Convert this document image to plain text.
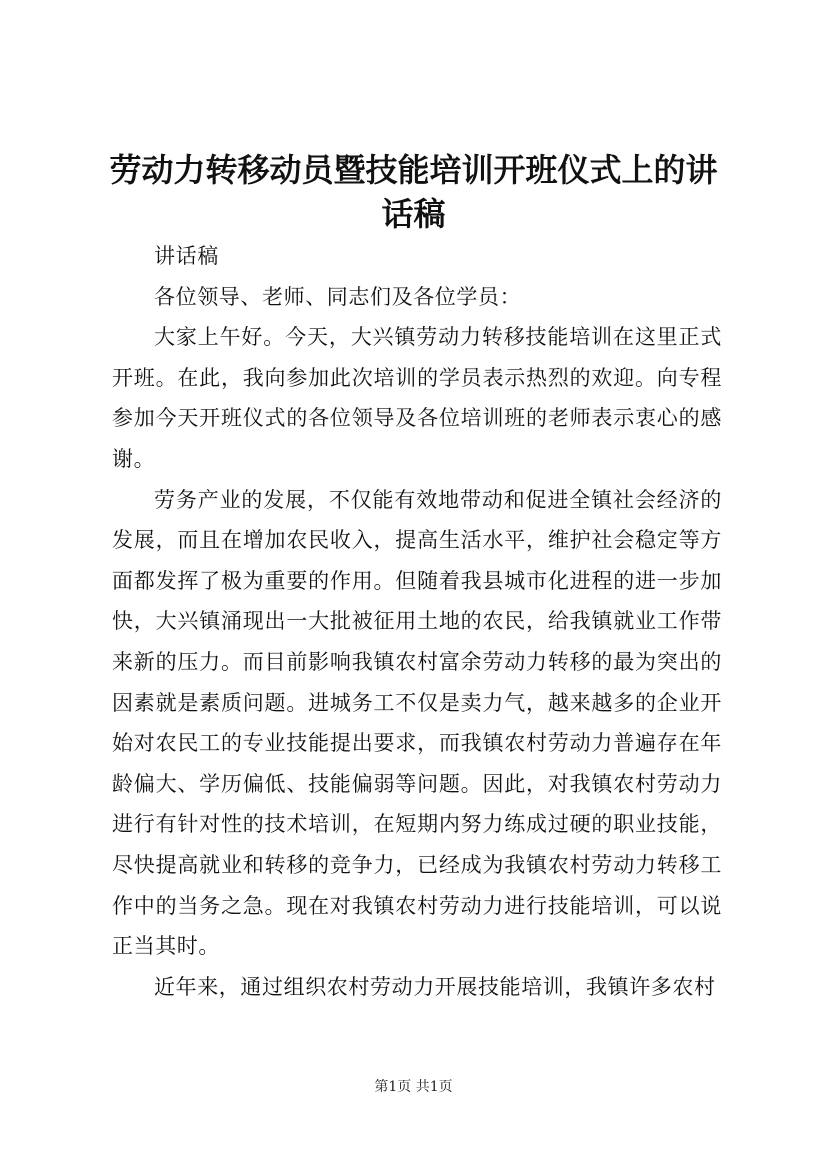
劳动力转移动员暨技能培训开班仪式上的讲话稿

讲话稿

各位领导、老师、同志们及各位学员：

大家上午好。今天，大兴镇劳动力转移技能培训在这里正式开班。在此，我向参加此次培训的学员表示热烈的欢迎。向专程参加今天开班仪式的各位领导及各位培训班的老师表示衷心的感谢。

劳务产业的发展，不仅能有效地带动和促进全镇社会经济的发展，而且在增加农民收入，提高生活水平，维护社会稳定等方面都发挥了极为重要的作用。但随着我县城市化进程的进一步加快，大兴镇涌现出一大批被征用土地的农民，给我镇就业工作带来新的压力。而目前影响我镇农村富余劳动力转移的最为突出的因素就是素质问题。进城务工不仅是卖力气，越来越多的企业开始对农民工的专业技能提出要求，而我镇农村劳动力普遍存在年龄偏大、学历偏低、技能偏弱等问题。因此，对我镇农村劳动力进行有针对性的技术培训，在短期内努力练成过硬的职业技能，尽快提高就业和转移的竞争力，已经成为我镇农村劳动力转移工作中的当务之急。现在对我镇农村劳动力进行技能培训，可以说正当其时。

近年来，通过组织农村劳动力开展技能培训，我镇许多农村

第1页 共1页
